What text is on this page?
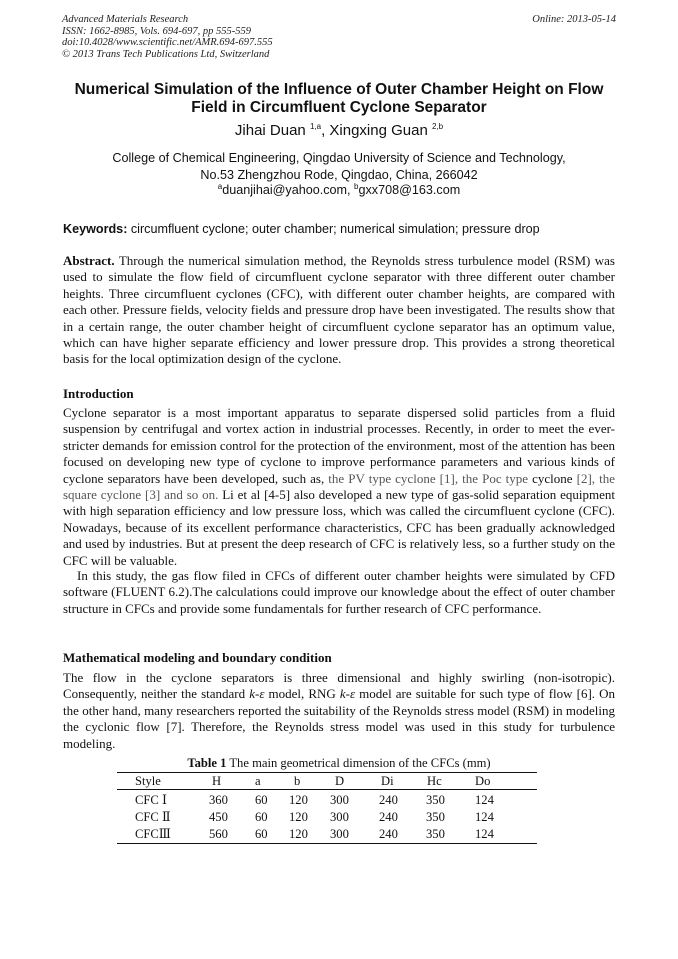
Advanced Materials Research
ISSN: 1662-8985, Vols. 694-697, pp 555-559
doi:10.4028/www.scientific.net/AMR.694-697.555
© 2013 Trans Tech Publications Ltd, Switzerland
Online: 2013-05-14
Numerical Simulation of the Influence of Outer Chamber Height on Flow
Field in Circumfluent Cyclone Separator
Jihai Duan $^{1,a}$, Xingxing Guan $^{2,b}$
College of Chemical Engineering, Qingdao University of Science and Technology,
No.53 Zhengzhou Rode, Qingdao, China, 266042
$^a$duanjihai@yahoo.com, $^b$gxx708@163.com
Keywords: circumfluent cyclone; outer chamber; numerical simulation; pressure drop
Abstract. Through the numerical simulation method, the Reynolds stress turbulence model (RSM) was used to simulate the flow field of circumfluent cyclone separator with three different outer chamber heights. Three circumfluent cyclones (CFC), with different outer chamber heights, are compared with each other. Pressure fields, velocity fields and pressure drop have been investigated. The results show that in a certain range, the outer chamber height of circumfluent cyclone separator has an optimum value, which can have higher separate efficiency and lower pressure drop. This provides a strong theoretical basis for the local optimization design of the cyclone.
Introduction
Cyclone separator is a most important apparatus to separate dispersed solid particles from a fluid suspension by centrifugal and vortex action in industrial processes. Recently, in order to meet the ever-stricter demands for emission control for the protection of the environment, most of the attention has been focused on developing new type of cyclone to improve performance parameters and various kinds of cyclone separators have been developed, such as, the PV type cyclone [1], the Poc type cyclone [2], the square cyclone [3] and so on. Li et al [4-5] also developed a new type of gas-solid separation equipment with high separation efficiency and low pressure loss, which was called the circumfluent cyclone (CFC). Nowadays, because of its excellent performance characteristics, CFC has been gradually acknowledged and used by industries. But at present the deep research of CFC is relatively less, so a further study on the CFC will be valuable.
In this study, the gas flow filed in CFCs of different outer chamber heights were simulated by CFD software (FLUENT 6.2).The calculations could improve our knowledge about the effect of outer chamber structure in CFCs and provide some fundamentals for further research of CFC performance.
Mathematical modeling and boundary condition
The flow in the cyclone separators is three dimensional and highly swirling (non-isotropic). Consequently, neither the standard k-ε model, RNG k-ε model are suitable for such type of flow [6]. On the other hand, many researchers reported the suitability of the Reynolds stress model (RSM) in modeling the cyclonic flow [7]. Therefore, the Reynolds stress model was used in this study for turbulence modeling.
Table 1 The main geometrical dimension of the CFCs (mm)
Style	H	a	b	D	Di	Hc	Do
CFC Ⅰ	360 60 120 300 240 350 124
CFC Ⅱ	450 60 120 300 240 350 124
CFCⅢ	560 60 120 300 240 350 124
